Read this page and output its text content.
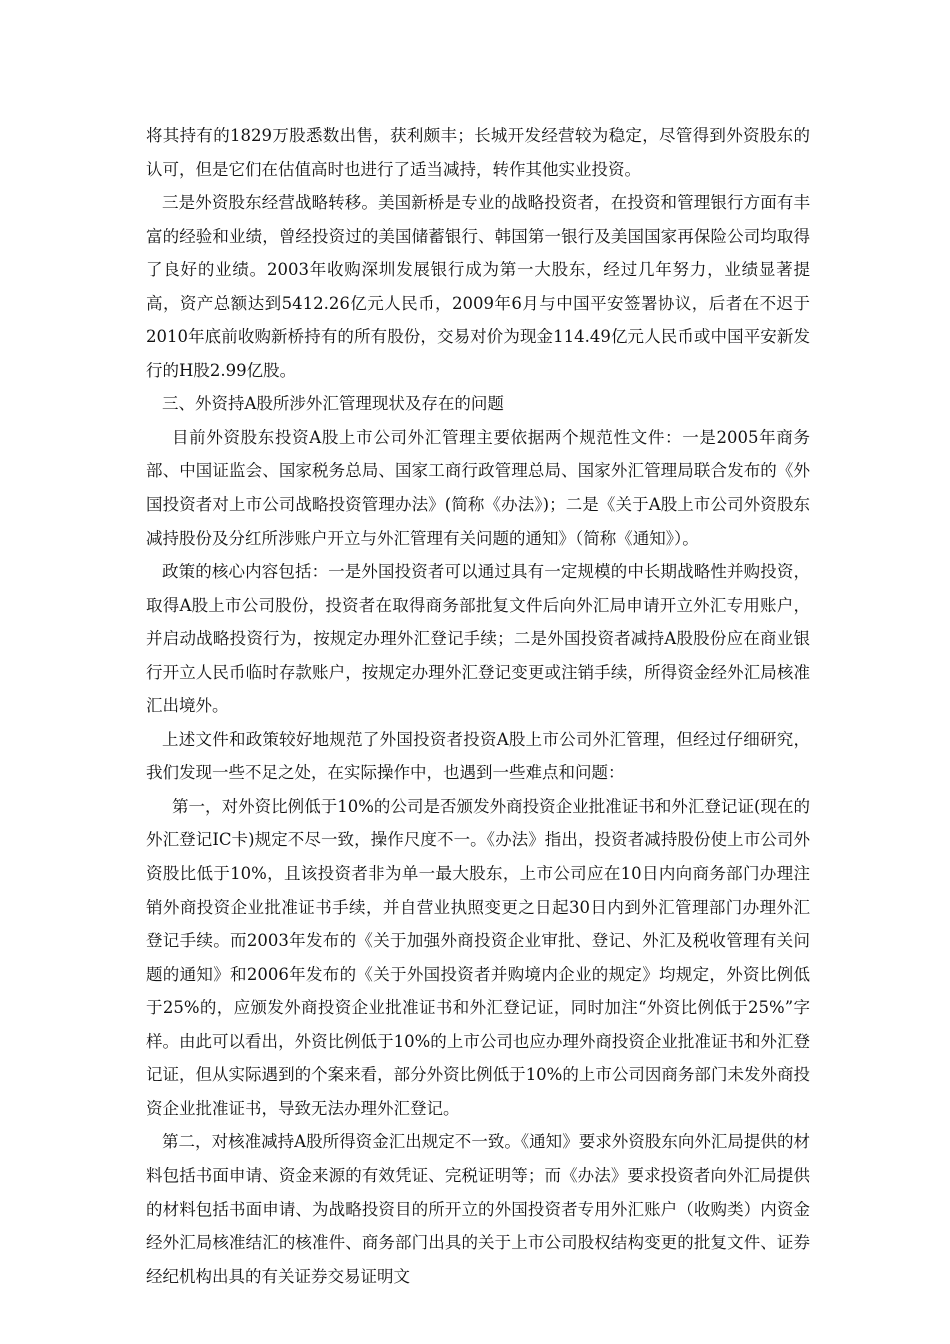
将其持有的1829万股悉数出售，获利颇丰；长城开发经营较为稳定，尽管得到外资股东的认可，但是它们在估值高时也进行了适当减持，转作其他实业投资。

三是外资股东经营战略转移。美国新桥是专业的战略投资者，在投资和管理银行方面有丰富的经验和业绩，曾经投资过的美国储蓄银行、韩国第一银行及美国国家再保险公司均取得了良好的业绩。2003年收购深圳发展银行成为第一大股东，经过几年努力，业绩显著提高，资产总额达到5412.26亿元人民币，2009年6月与中国平安签署协议，后者在不迟于2010年底前收购新桥持有的所有股份，交易对价为现金114.49亿元人民币或中国平安新发行的H股2.99亿股。

三、外资持A股所涉外汇管理现状及存在的问题

目前外资股东投资A股上市公司外汇管理主要依据两个规范性文件：一是2005年商务部、中国证监会、国家税务总局、国家工商行政管理总局、国家外汇管理局联合发布的《外国投资者对上市公司战略投资管理办法》(简称《办法》)；二是《关于A股上市公司外资股东减持股份及分红所涉账户开立与外汇管理有关问题的通知》（简称《通知》）。

政策的核心内容包括：一是外国投资者可以通过具有一定规模的中长期战略性并购投资，取得A股上市公司股份，投资者在取得商务部批复文件后向外汇局申请开立外汇专用账户，并启动战略投资行为，按规定办理外汇登记手续；二是外国投资者减持A股股份应在商业银行开立人民币临时存款账户，按规定办理外汇登记变更或注销手续，所得资金经外汇局核准汇出境外。

上述文件和政策较好地规范了外国投资者投资A股上市公司外汇管理，但经过仔细研究，我们发现一些不足之处，在实际操作中，也遇到一些难点和问题：

第一，对外资比例低于10%的公司是否颁发外商投资企业批准证书和外汇登记证(现在的外汇登记IC卡)规定不尽一致，操作尺度不一。《办法》指出，投资者减持股份使上市公司外资股比低于10%，且该投资者非为单一最大股东，上市公司应在10日内向商务部门办理注销外商投资企业批准证书手续，并自营业执照变更之日起30日内到外汇管理部门办理外汇登记手续。而2003年发布的《关于加强外商投资企业审批、登记、外汇及税收管理有关问题的通知》和2006年发布的《关于外国投资者并购境内企业的规定》均规定，外资比例低于25%的，应颁发外商投资企业批准证书和外汇登记证，同时加注“外资比例低于25%”字样。由此可以看出，外资比例低于10%的上市公司也应办理外商投资企业批准证书和外汇登记证，但从实际遇到的个案来看，部分外资比例低于10%的上市公司因商务部门未发外商投资企业批准证书，导致无法办理外汇登记。

第二，对核准减持A股所得资金汇出规定不一致。《通知》要求外资股东向外汇局提供的材料包括书面申请、资金来源的有效凭证、完税证明等；而《办法》要求投资者向外汇局提供的材料包括书面申请、为战略投资目的所开立的外国投资者专用外汇账户（收购类）内资金经外汇局核准结汇的核准件、商务部门出具的关于上市公司股权结构变更的批复文件、证券经纪机构出具的有关证券交易证明文
